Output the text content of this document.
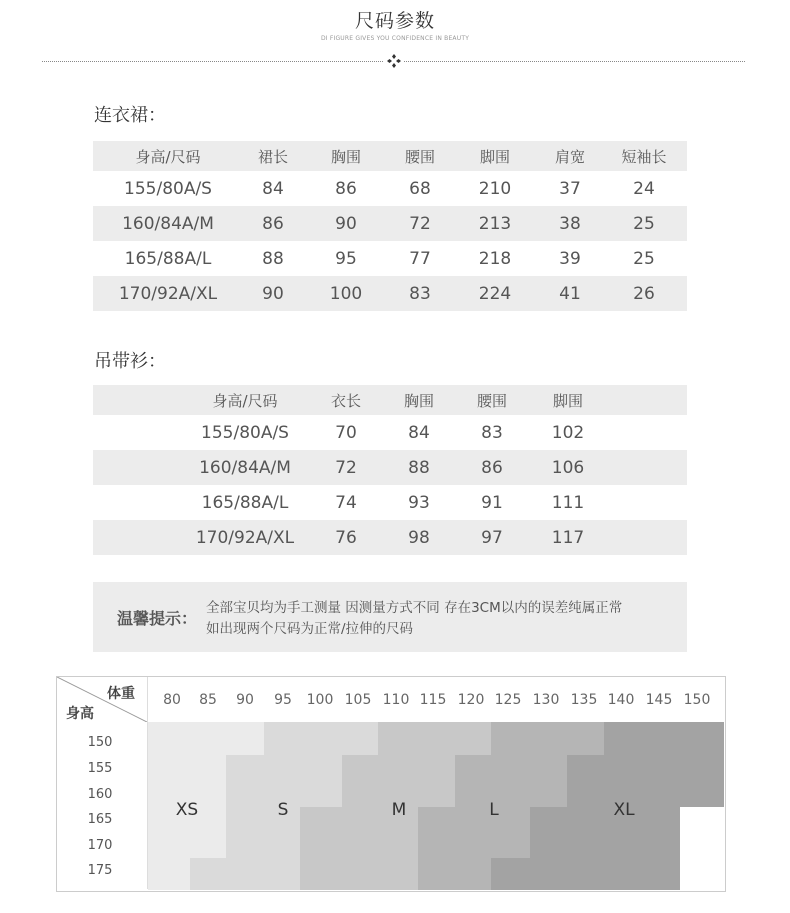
尺码参数
DI FIGURE GIVES YOU CONFIDENCE IN BEAUTY
连衣裙：
身高/尺码	裙长	胸围	腰围	脚围	肩宽	短袖长
155/80A/S	84	86	68	210	37	24
160/84A/M	86	90	72	213	38	25
165/88A/L	88	95	77	218	39	25
170/92A/XL	90	100	83	224	41	26
吊带衫：
	身高/尺码	衣长	胸围	腰围	脚围	
	155/80A/S	70	84	83	102	
	160/84A/M	72	88	86	106	
	165/88A/L	74	93	91	111	
	170/92A/XL	76	98	97	117	
温馨提示：
全部宝贝均为手工测量 因测量方式不同 存在3CM以内的误差纯属正常
如出现两个尺码为正常/拉伸的尺码
体重
身高
80	85	90	95	100 105 110 115 120 125 130 135 140 145 150
150
155
160
165
170
175
XS	S	M	L	XL
